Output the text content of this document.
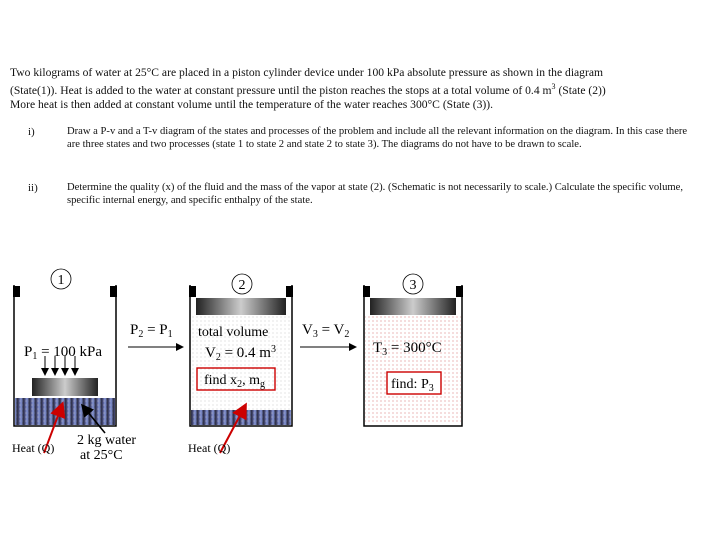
Two kilograms of water at 25°C are placed in a piston cylinder device under 100 kPa absolute pressure as shown in the diagram
(State(1)). Heat is added to the water at constant pressure until the piston reaches the stops at a total volume of 0.4 $m^3$ (State (2))
More heat is then added at constant volume until the temperature of the water reaches 300°C (State (3)).
i)	Draw a P-v and a T-v diagram of the states and processes of the problem and include all the relevant information on the diagram. In this case there are three states and two processes (state 1 to state 2 and state 2 to state 3). The diagrams do not have to be drawn to scale.
ii)	Determine the quality (x) of the fluid and the mass of the vapor at state (2). (Schematic is not necessarily to scale.) Calculate the specific volume, specific internal energy, and specific enthalpy of the state.
1
$P_1 = 100$ kPa
Heat (Q) 2 kg water
at 25°C
$P_2 = P_1$
2
total volume
$V_2 = 0.4$ $m^3$
find $x_2$, $m_g$
Heat (Q)
$V_3 = V_2$
3
$T_3 = 300^\circ C$
find: $P_3$
